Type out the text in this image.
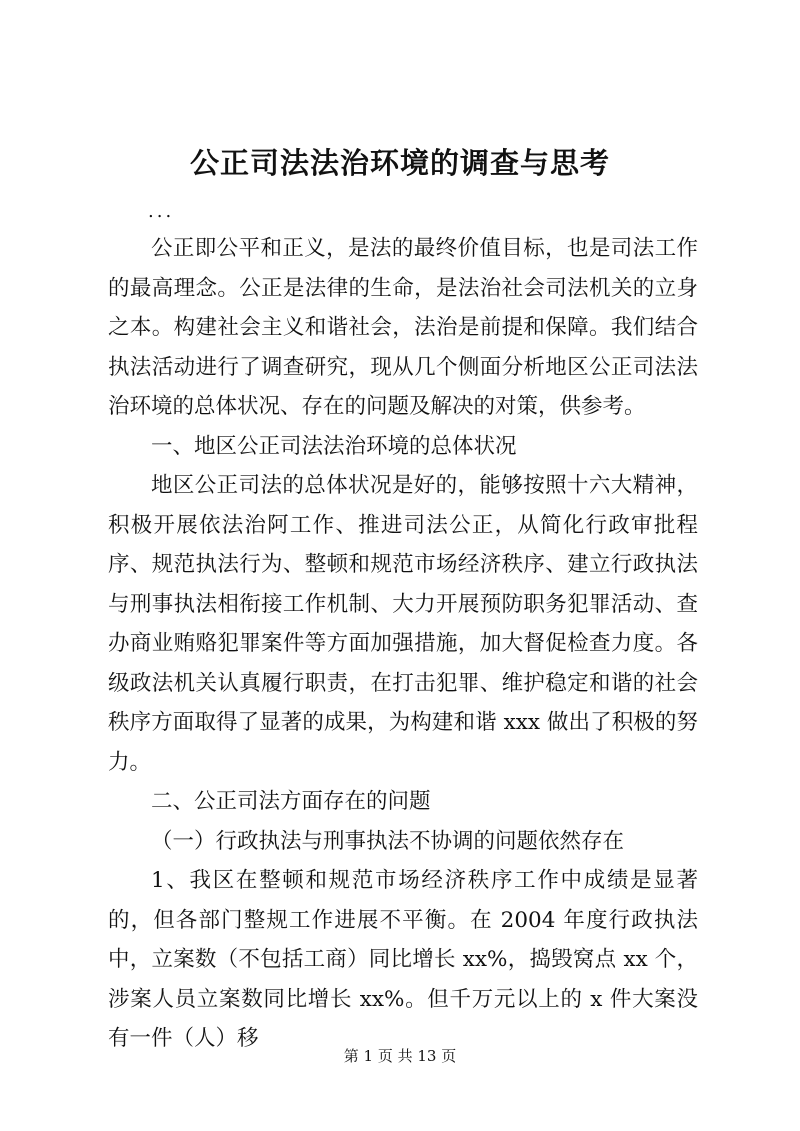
公正司法法治环境的调查与思考
...

公正即公平和正义，是法的最终价值目标，也是司法工作的最高理念。公正是法律的生命，是法治社会司法机关的立身之本。构建社会主义和谐社会，法治是前提和保障。我们结合执法活动进行了调查研究，现从几个侧面分析地区公正司法法治环境的总体状况、存在的问题及解决的对策，供参考。

一、地区公正司法法治环境的总体状况

地区公正司法的总体状况是好的，能够按照十六大精神，积极开展依法治阿工作、推进司法公正，从简化行政审批程序、规范执法行为、整顿和规范市场经济秩序、建立行政执法与刑事执法相衔接工作机制、大力开展预防职务犯罪活动、查办商业贿赂犯罪案件等方面加强措施，加大督促检查力度。各级政法机关认真履行职责，在打击犯罪、维护稳定和谐的社会秩序方面取得了显著的成果，为构建和谐 xxx 做出了积极的努力。

二、公正司法方面存在的问题

（一）行政执法与刑事执法不协调的问题依然存在

1、我区在整顿和规范市场经济秩序工作中成绩是显著的，但各部门整规工作进展不平衡。在 2004 年度行政执法中，立案数（不包括工商）同比增长 xx%，捣毁窝点 xx 个，涉案人员立案数同比增长 xx%。但千万元以上的 x 件大案没有一件（人）移

第 1 页 共 13 页
